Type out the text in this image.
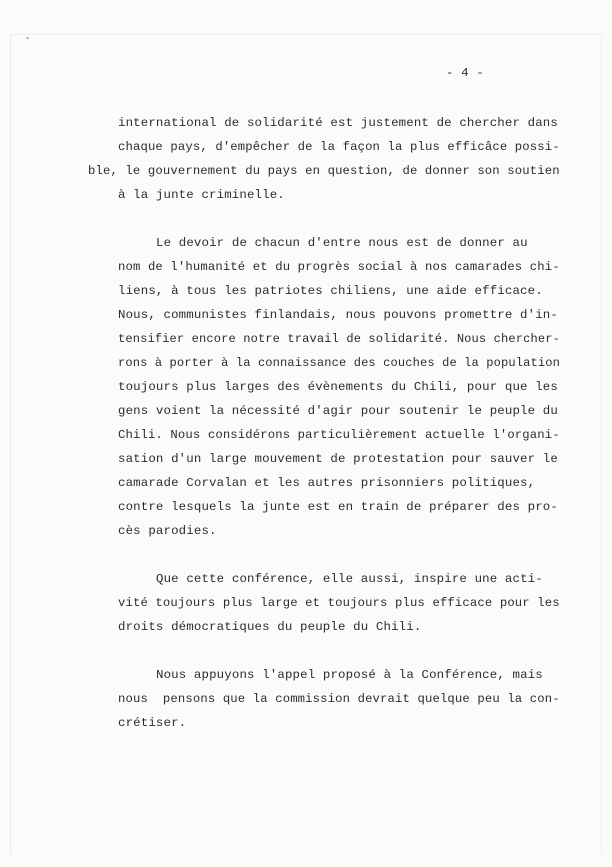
- 4 -
international de solidarité est justement de chercher dans
chaque pays, d'empêcher de la façon la plus efficâce possi-
ble, le gouvernement du pays en question, de donner son soutien
à la junte criminelle.
Le devoir de chacun d'entre nous est de donner au
nom de l'humanité et du progrès social à nos camarades chi-
liens, à tous les patriotes chiliens, une aide efficace.
Nous, communistes finlandais, nous pouvons promettre d'in-
tensifier encore notre travail de solidarité. Nous chercher-
rons à porter à la connaissance des couches de la population
toujours plus larges des évènements du Chili, pour que les
gens voient la nécessité d'agir pour soutenir le peuple du
Chili. Nous considérons particulièrement actuelle l'organi-
sation d'un large mouvement de protestation pour sauver le
camarade Corvalan et les autres prisonniers politiques,
contre lesquels la junte est en train de préparer des pro-
cès parodies.
Que cette conférence, elle aussi, inspire une acti-
vité toujours plus large et toujours plus efficace pour les
droits démocratiques du peuple du Chili.
Nous appuyons l'appel proposé à la Conférence, mais
nous  pensons que la commission devrait quelque peu la con-
crétiser.
